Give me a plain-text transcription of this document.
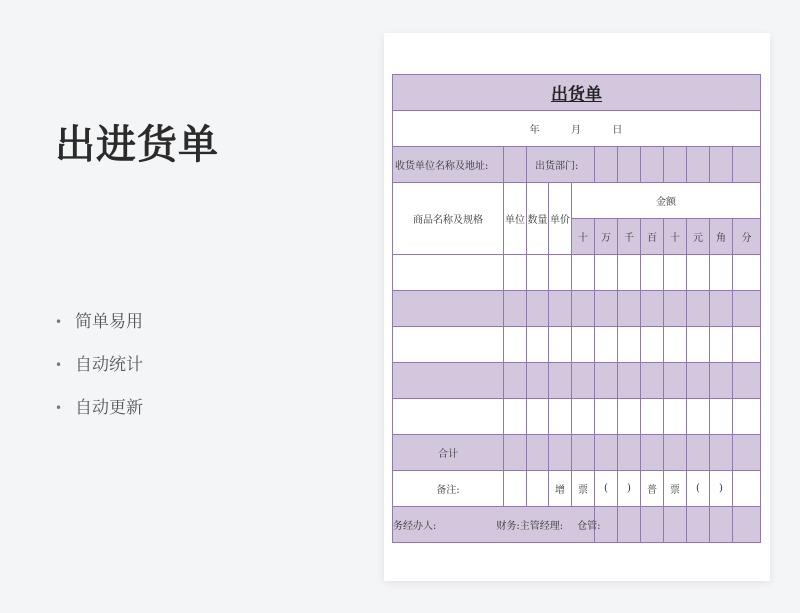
出进货单
• 简单易用
• 自动统计
• 自动更新
出货单											
年 月 日											
收货单位名称及地址:		出货部门:									
商品名称及规格	单位	数量	单价	金额							
				十	万	千	百	十	元	角	分

合计											
备注:			增	票	(	)	普	票	(	)	
务经办人: 财务:主管经理: 仓管:											
